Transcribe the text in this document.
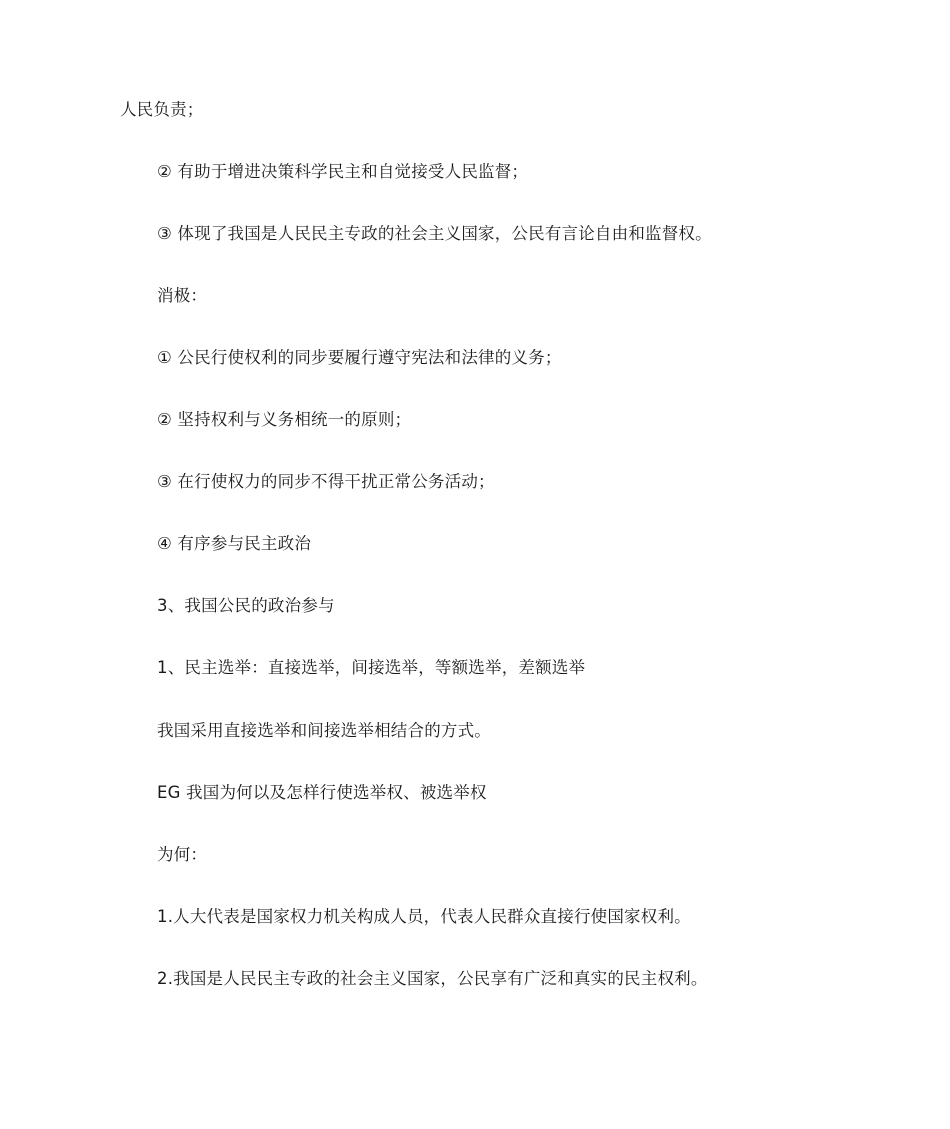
人民负责；
② 有助于增进决策科学民主和自觉接受人民监督；
③ 体现了我国是人民民主专政的社会主义国家，公民有言论自由和监督权。
消极：
① 公民行使权利的同步要履行遵守宪法和法律的义务；
② 坚持权利与义务相统一的原则；
③ 在行使权力的同步不得干扰正常公务活动；
④ 有序参与民主政治
3、我国公民的政治参与
1、民主选举：直接选举，间接选举，等额选举，差额选举
我国采用直接选举和间接选举相结合的方式。
EG 我国为何以及怎样行使选举权、被选举权
为何：
1.人大代表是国家权力机关构成人员，代表人民群众直接行使国家权利。
2.我国是人民民主专政的社会主义国家，公民享有广泛和真实的民主权利。
